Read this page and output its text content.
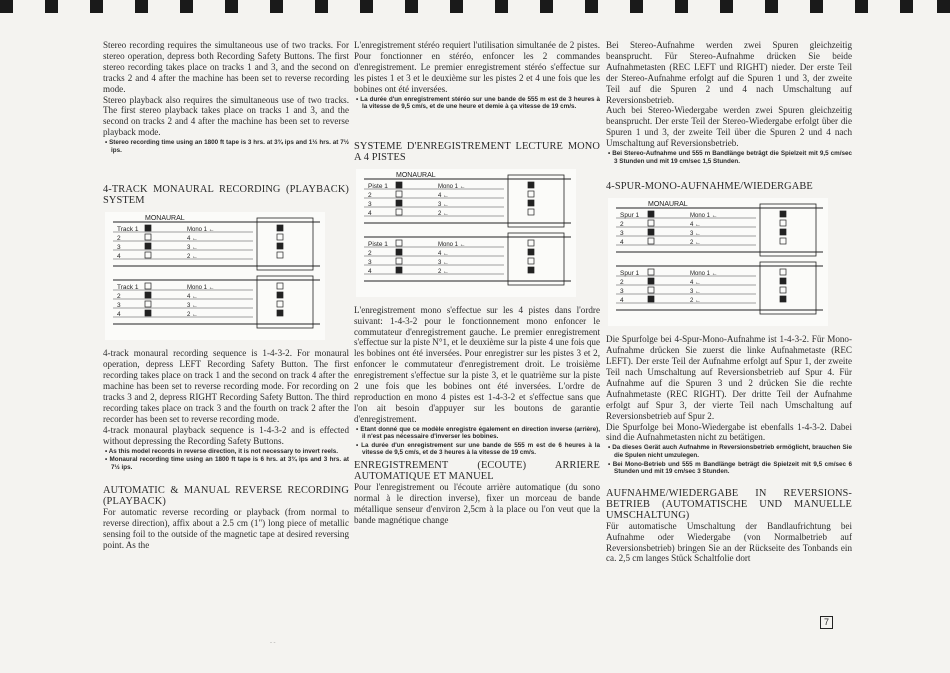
Stereo recording requires the simultaneous use of two tracks. For stereo operation, depress both Recording Safety Buttons. The first stereo recording takes place on tracks 1 and 3, and the second on tracks 2 and 4 after the machine has been set to reverse recording mode.

Stereo playback also requires the simultaneous use of two tracks. The first stereo playback takes place on tracks 1 and 3, and the second on tracks 2 and 4 after the machine has been set to reverse playback mode.

• Stereo recording time using an 1800 ft tape is 3 hrs. at 3¾ ips and 1½ hrs. at 7½ ips.

4-TRACK MONAURAL RECORDING (PLAYBACK) SYSTEM
MONAURAL
Track 1	Mono 1 ←
2	4 ←
3	3 ←
4	2 ←
Track 1	Mono 1 ←
2	4 ←
3	3 ←
4	2 ←

4-track monaural recording sequence is 1-4-3-2. For monaural operation, depress LEFT Recording Safety Button. The first recording takes place on track 1 and the second on track 4 after the machine has been set to reverse recording mode. For recording on tracks 3 and 2, depress RIGHT Recording Safety Button. The third recording takes place on track 3 and the fourth on track 2 after the recorder has been set to reverse recording mode.

4-track monaural playback sequence is 1-4-3-2 and is effected without depressing the Recording Safety Buttons.

• As this model records in reverse direction, it is not necessary to invert reels.

• Monaural recording time using an 1800 ft tape is 6 hrs. at 3¾ ips and 3 hrs. at 7½ ips.

AUTOMATIC & MANUAL REVERSE RECORDING (PLAYBACK)

For automatic reverse recording or playback (from normal to reverse direction), affix about a 2.5 cm (1") long piece of metallic sensing foil to the outside of the magnetic tape at desired reversing point. As the

L'enregistrement stéréo requiert l'utilisation simultanée de 2 pistes. Pour fonctionner en stéréo, enfoncer les 2 commandes d'enregistrement. Le premier enregistrement stéréo s'effectue sur les pistes 1 et 3 et le deuxième sur les pistes 2 et 4 une fois que les bobines ont été inversées.

• La durée d'un enregistrement stéréo sur une bande de 555 m est de 3 heures à la vitesse de 9,5 cm/s, et de une heure et demie à ça vitesse de 19 cm/s.

SYSTEME D'ENREGISTREMENT LECTURE MONO A 4 PISTES
MONAURAL
Piste 1	Mono 1 ←
2	4 ←
3	3 ←
4	2 ←
Piste 1	Mono 1 ←
2	4 ←
3	3 ←
4	2 ←

L'enregistrement mono s'effectue sur les 4 pistes dans l'ordre suivant: 1-4-3-2 pour le fonctionnement mono enfoncer le commutateur d'enregistrement gauche. Le premier enregistrement s'effectue sur la piste N°1, et le deuxième sur la piste 4 une fois que les bobines ont été inversées. Pour enregistrer sur les pistes 3 et 2, enfoncer le commutateur d'enregistrement droit. Le troisième enregistrement s'effectue sur la piste 3, et le quatrième sur la piste 2 une fois que les bobines ont été inversées. L'ordre de reproduction en mono 4 pistes est 1-4-3-2 et s'effectue sans que l'on ait besoin d'appuyer sur les boutons de garantie d'enregistrement.

• Etant donné que ce modèle enregistre également en direction inverse (arrière), il n'est pas nécessaire d'inverser les bobines.

• La durée d'un enregistrement sur une bande de 555 m est de 6 heures à la vitesse de 9,5 cm/s, et de 3 heures à la vitesse de 19 cm/s.

ENREGISTREMENT (ECOUTE) ARRIERE AUTOMATIQUE ET MANUEL

Pour l'enregistrement ou l'écoute arrière automatique (du sono normal à le direction inverse), fixer un morceau de bande métallique senseur d'environ 2,5cm à la place ou l'on veut que la bande magnétique change

Bei Stereo-Aufnahme werden zwei Spuren gleichzeitig beansprucht. Für Stereo-Aufnahme drücken Sie beide Aufnahmetasten (REC LEFT und RIGHT) nieder. Der erste Teil der Stereo-Aufnahme erfolgt auf die Spuren 1 und 3, der zweite Teil auf die Spuren 2 und 4 nach Umschaltung auf Reversionsbetrieb.

Auch bei Stereo-Wiedergabe werden zwei Spuren gleichzeitig beansprucht. Der erste Teil der Stereo-Wiedergabe erfolgt über die Spuren 1 und 3, der zweite Teil über die Spuren 2 und 4 nach Umschaltung auf Reversionsbetrieb.

• Bei Stereo-Aufnahme und 555 m Bandlänge beträgt die Spielzeit mit 9,5 cm/sec 3 Stunden und mit 19 cm/sec 1,5 Stunden.

4-SPUR-MONO-AUFNAHME/WIEDERGABE
MONAURAL
Spur 1	Mono 1 ←
2	4 ←
3	3 ←
4	2 ←
Spur 1	Mono 1 ←
2	4 ←
3	3 ←
4	2 ←

Die Spurfolge bei 4-Spur-Mono-Aufnahme ist 1-4-3-2. Für Mono-Aufnahme drücken Sie zuerst die linke Aufnahmetaste (REC LEFT). Der erste Teil der Aufnahme erfolgt auf Spur 1, der zweite Teil nach Umschaltung auf Reversionsbetrieb auf Spur 4. Für Aufnahme auf die Spuren 3 und 2 drücken Sie die rechte Aufnahmetaste (REC RIGHT). Der dritte Teil der Aufnahme erfolgt auf Spur 3, der vierte Teil nach Umschaltung auf Reversionsbetrieb auf Spur 2.

Die Spurfolge bei Mono-Wiedergabe ist ebenfalls 1-4-3-2. Dabei sind die Aufnahmetasten nicht zu betätigen.

• Da dieses Gerät auch Aufnahme in Reversionsbetrieb ermöglicht, brauchen Sie die Spulen nicht umzulegen.

• Bei Mono-Betrieb und 555 m Bandlänge beträgt die Spielzeit mit 9,5 cm/sec 6 Stunden und mit 19 cm/sec 3 Stunden.

AUFNAHME/WIEDERGABE IN REVERSIONS-BETRIEB (AUTOMATISCHE UND MANUELLE UMSCHALTUNG)

Für automatische Umschaltung der Bandlaufrichtung bei Aufnahme oder Wiedergabe (von Normalbetrieb auf Reversionsbetrieb) bringen Sie an der Rückseite des Tonbands ein ca. 2,5 cm langes Stück Schaltfolie dort

7
- -
